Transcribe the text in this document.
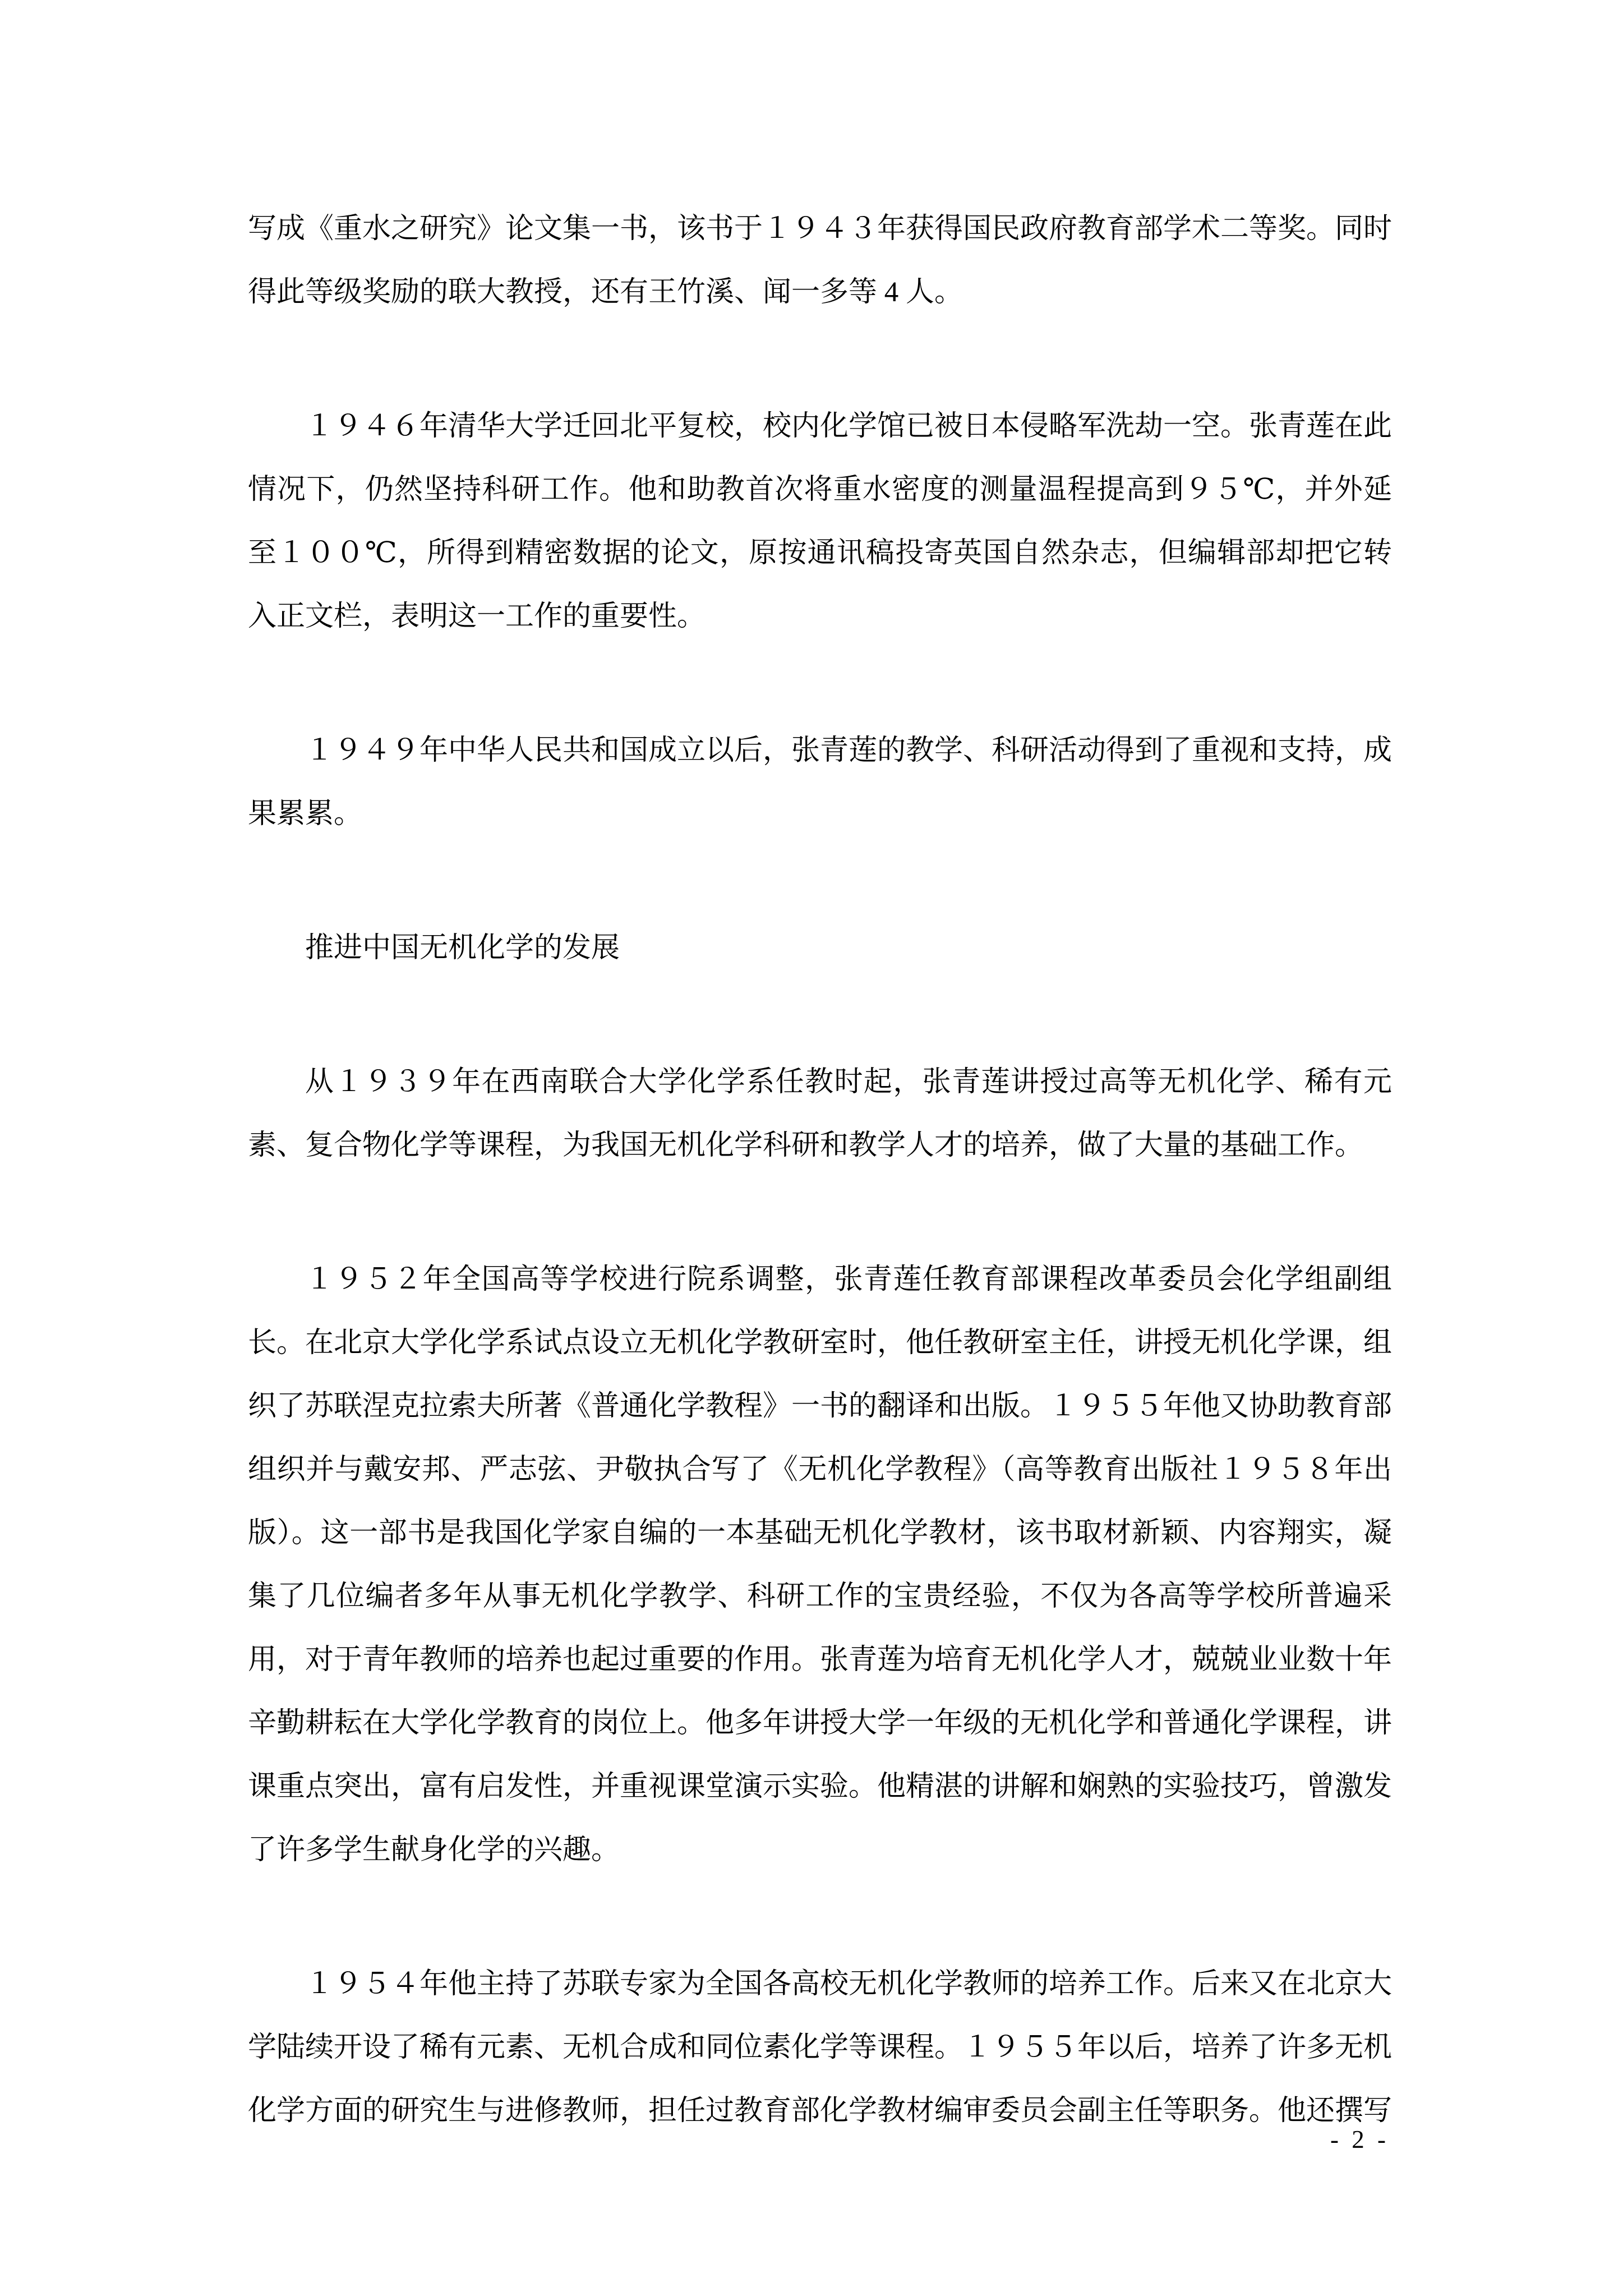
写成《重水之研究》论文集一书，该书于１９４３年获得国民政府教育部学术二等奖。同时得此等级奖励的联大教授，还有王竹溪、闻一多等 4 人。

１９４６年清华大学迁回北平复校，校内化学馆已被日本侵略军洗劫一空。张青莲在此情况下，仍然坚持科研工作。他和助教首次将重水密度的测量温程提高到９５℃，并外延至１００℃，所得到精密数据的论文，原按通讯稿投寄英国自然杂志，但编辑部却把它转入正文栏，表明这一工作的重要性。

１９４９年中华人民共和国成立以后，张青莲的教学、科研活动得到了重视和支持，成果累累。

推进中国无机化学的发展

从１９３９年在西南联合大学化学系任教时起，张青莲讲授过高等无机化学、稀有元素、复合物化学等课程，为我国无机化学科研和教学人才的培养，做了大量的基础工作。

１９５２年全国高等学校进行院系调整，张青莲任教育部课程改革委员会化学组副组长。在北京大学化学系试点设立无机化学教研室时，他任教研室主任，讲授无机化学课，组织了苏联涅克拉索夫所著《普通化学教程》一书的翻译和出版。１９５５年他又协助教育部组织并与戴安邦、严志弦、尹敬执合写了《无机化学教程》（高等教育出版社１９５８年出版）。这一部书是我国化学家自编的一本基础无机化学教材，该书取材新颖、内容翔实，凝集了几位编者多年从事无机化学教学、科研工作的宝贵经验，不仅为各高等学校所普遍采用，对于青年教师的培养也起过重要的作用。张青莲为培育无机化学人才，兢兢业业数十年辛勤耕耘在大学化学教育的岗位上。他多年讲授大学一年级的无机化学和普通化学课程，讲课重点突出，富有启发性，并重视课堂演示实验。他精湛的讲解和娴熟的实验技巧，曾激发了许多学生献身化学的兴趣。

１９５４年他主持了苏联专家为全国各高校无机化学教师的培养工作。后来又在北京大学陆续开设了稀有元素、无机合成和同位素化学等课程。１９５５年以后，培养了许多无机化学方面的研究生与进修教师，担任过教育部化学教材编审委员会副主任等职务。他还撰写

- 2 -
